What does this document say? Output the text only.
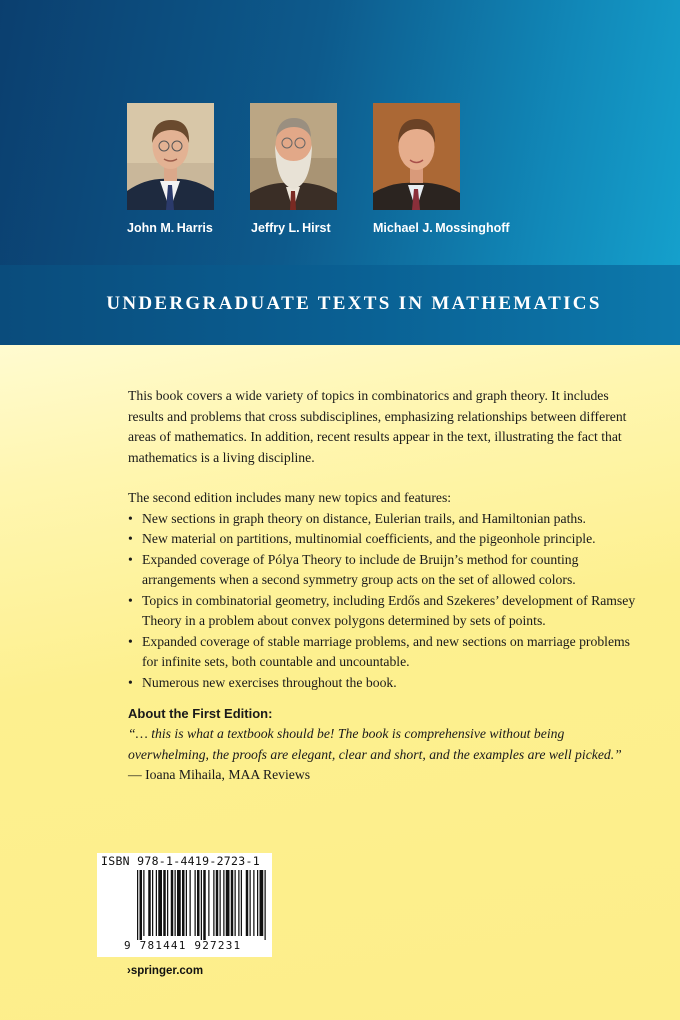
John M. Harris	Jeffry L. Hirst	Michael J. Mossinghoff
UNDERGRADUATE TEXTS IN MATHEMATICS

This book covers a wide variety of topics in combinatorics and graph theory. It includes results and problems that cross subdisciplines, emphasizing relationships between different areas of mathematics. In addition, recent results appear in the text, illustrating the fact that mathematics is a living discipline.

The second edition includes many new topics and features:

• New sections in graph theory on distance, Eulerian trails, and Hamiltonian paths.
• New material on partitions, multinomial coefficients, and the pigeonhole principle.
• Expanded coverage of Pólya Theory to include de Bruijn’s method for counting arrangements when a second symmetry group acts on the set of allowed colors.
• Topics in combinatorial geometry, including Erdős and Szekeres’ development of Ramsey Theory in a problem about convex polygons determined by sets of points.
• Expanded coverage of stable marriage problems, and new sections on marriage problems for infinite sets, both countable and uncountable.
• Numerous new exercises throughout the book.
About the First Edition:
“… this is what a textbook should be! The book is comprehensive without being overwhelming, the proofs are elegant, clear and short, and the examples are well picked.”
— Ioana Mihaila, MAA Reviews
ISBN 978-1-4419-2723-1
9 781441 927231
›springer.com
